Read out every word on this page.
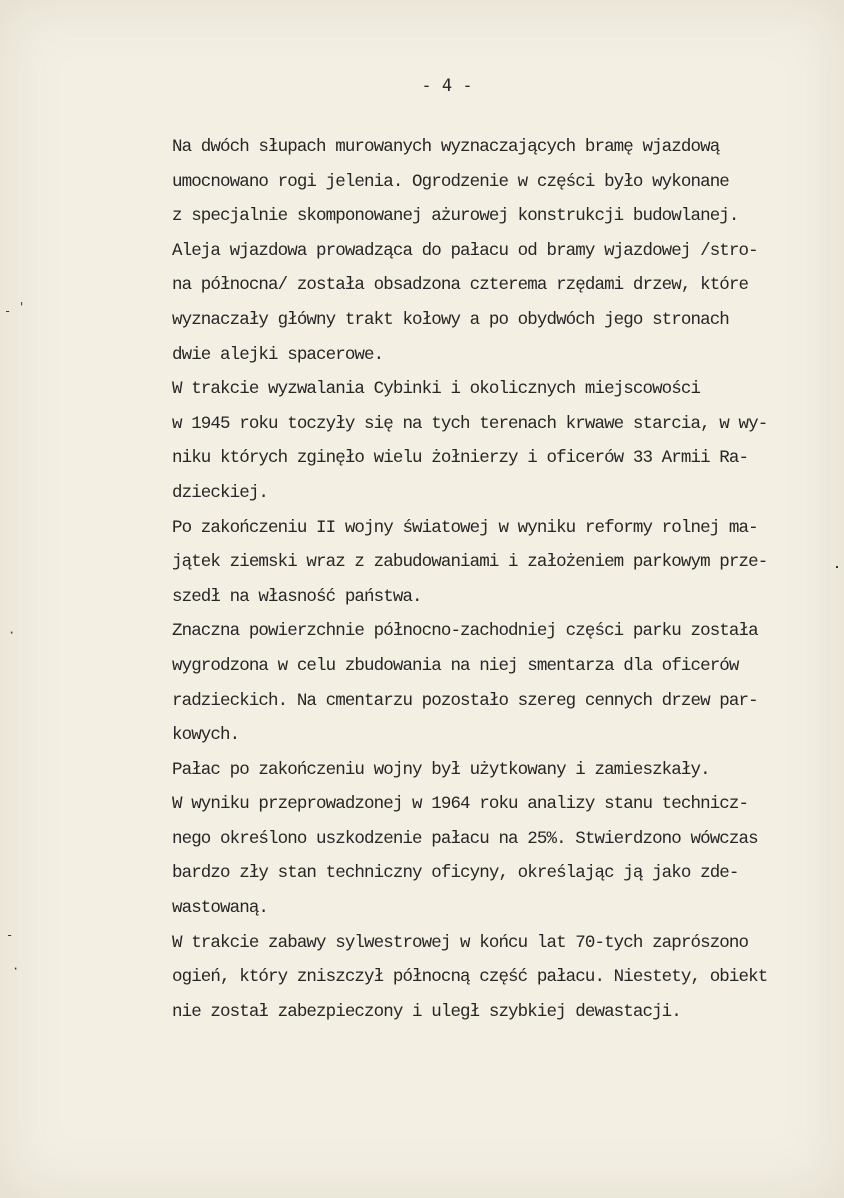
- 4 -
Na dwóch słupach murowanych wyznaczających bramę wjazdową
umocnowano rogi jelenia. Ogrodzenie w części było wykonane
z specjalnie skomponowanej ażurowej konstrukcji budowlanej.
Aleja wjazdowa prowadząca do pałacu od bramy wjazdowej /stro-
na północna/ została obsadzona czterema rzędami drzew, które
wyznaczały główny trakt kołowy a po obydwóch jego stronach
dwie alejki spacerowe.
W trakcie wyzwalania Cybinki i okolicznych miejscowości
w 1945 roku toczyły się na tych terenach krwawe starcia, w wy-
niku których zginęło wielu żołnierzy i oficerów 33 Armii Ra-
dzieckiej.
Po zakończeniu II wojny światowej w wyniku reformy rolnej ma-
jątek ziemski wraz z zabudowaniami i założeniem parkowym prze-
szedł na własność państwa.
Znaczna powierzchnie północno-zachodniej części parku została
wygrodzona w celu zbudowania na niej smentarza dla oficerów
radzieckich. Na cmentarzu pozostało szereg cennych drzew par-
kowych.
Pałac po zakończeniu wojny był użytkowany i zamieszkały.
W wyniku przeprowadzonej w 1964 roku analizy stanu technicz-
nego określono uszkodzenie pałacu na 25%. Stwierdzono wówczas
bardzo zły stan techniczny oficyny, określając ją jako zde-
wastowaną.
W trakcie zabawy sylwestrowej w końcu lat 70-tych zaprószono
ogień, który zniszczył północną część pałacu. Niestety, obiekt
nie został zabezpieczony i uległ szybkiej dewastacji.
- '
-
·
·
